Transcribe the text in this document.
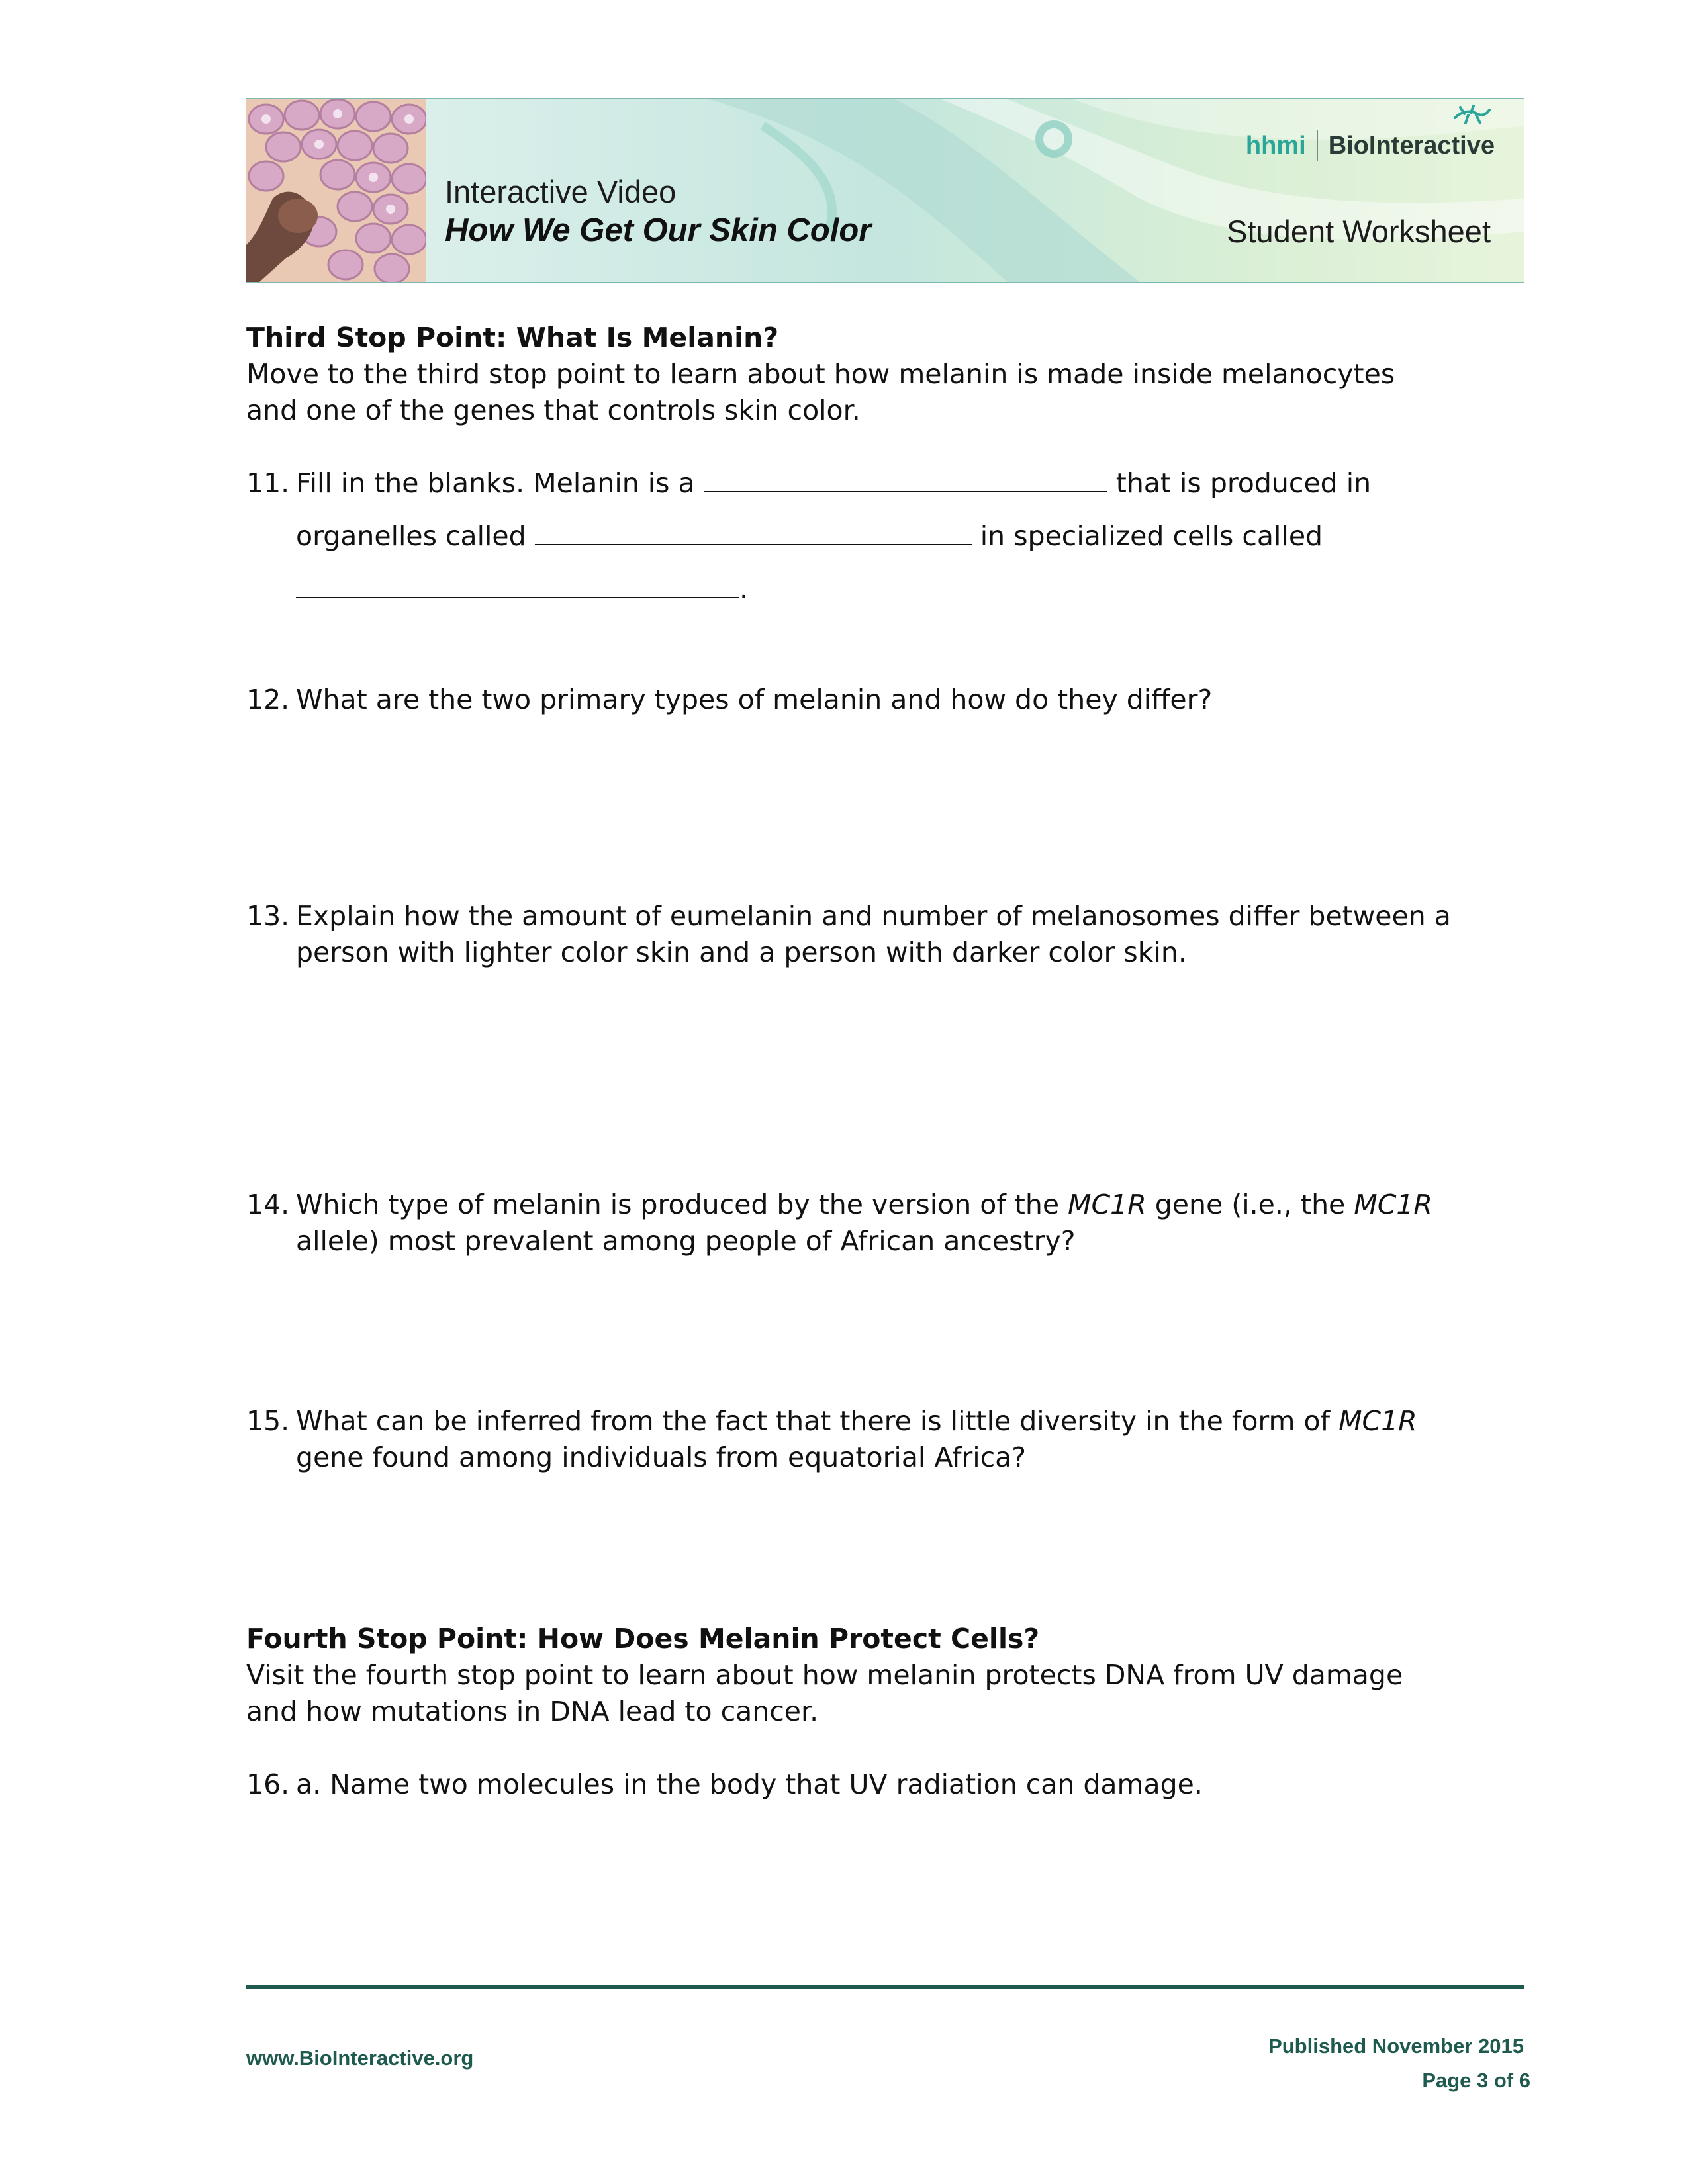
hhmi BioInteractive
Interactive Video
How We Get Our Skin Color	Student Worksheet
Third Stop Point: What Is Melanin?
Move to the third stop point to learn about how melanin is made inside melanocytes and one of the genes that controls skin color.
11. Fill in the blanks. Melanin is a	that is produced in
organelles called	in specialized cells called
.
12. What are the two primary types of melanin and how do they differ?
13. Explain how the amount of eumelanin and number of melanosomes differ between a person with lighter color skin and a person with darker color skin.
14. Which type of melanin is produced by the version of the MC1R gene (i.e., the MC1R allele) most prevalent among people of African ancestry?
15. What can be inferred from the fact that there is little diversity in the form of MC1R gene found among individuals from equatorial Africa?
Fourth Stop Point: How Does Melanin Protect Cells?
Visit the fourth stop point to learn about how melanin protects DNA from UV damage and how mutations in DNA lead to cancer.
16. a. Name two molecules in the body that UV radiation can damage.
www.BioInteractive.org
Published November 2015
Page 3 of 6
